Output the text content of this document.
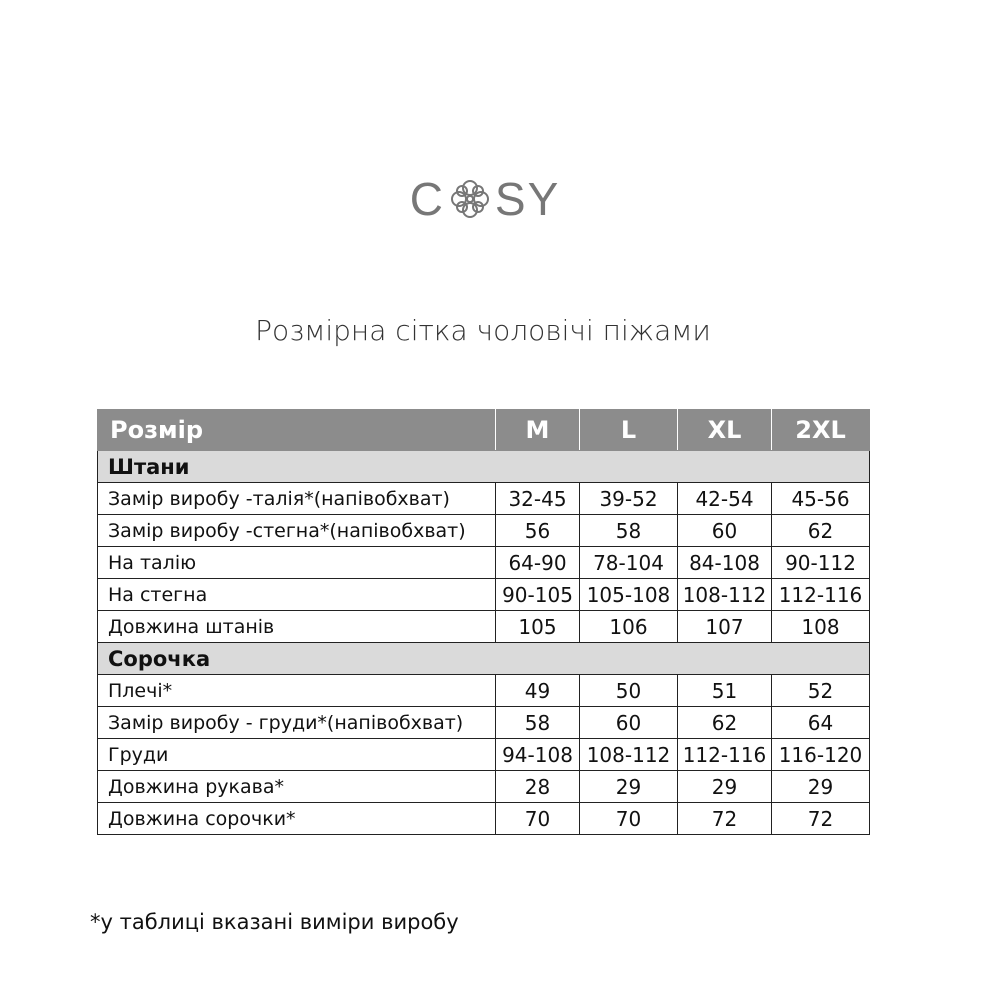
C SY
Розмірна сітка чоловічі піжами
Розмір	M	L	XL	2XL
Штани				
Замір виробу -талія*(напівобхват)	32-45	39-52	42-54	45-56
Замір виробу -стегна*(напівобхват)	56	58	60	62
На талію	64-90	78-104	84-108	90-112
На стегна	90-105	105-108	108-112	112-116
Довжина штанів	105	106	107	108
Сорочка				
Плечі*	49	50	51	52
Замір виробу - груди*(напівобхват)	58	60	62	64
Груди	94-108	108-112	112-116	116-120
Довжина рукава*	28	29	29	29
Довжина сорочки*	70	70	72	72
*у таблиці вказані виміри виробу
